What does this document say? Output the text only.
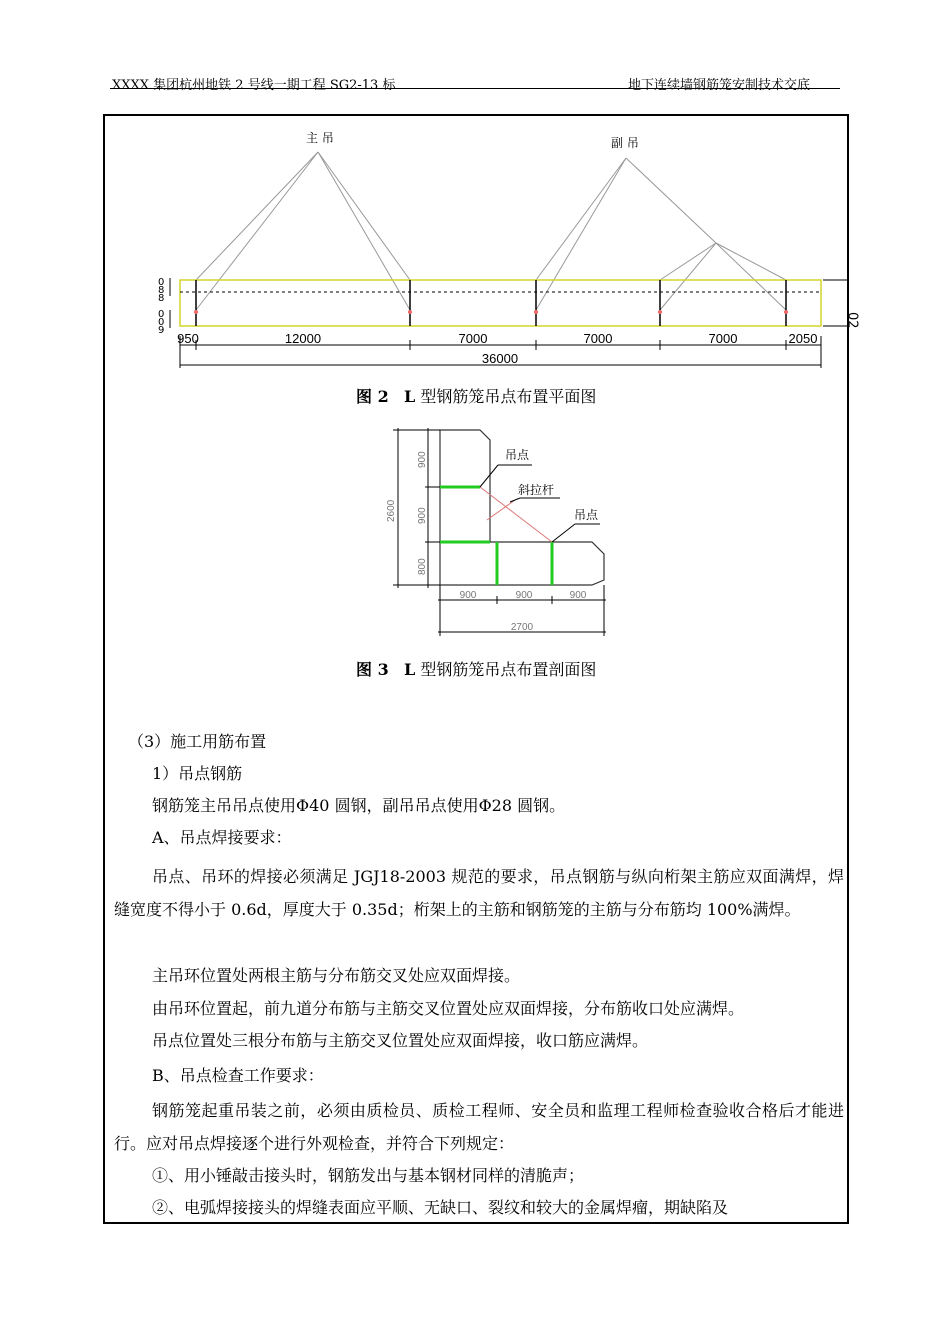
XXXX 集团杭州地铁 2 号线一期工程 SG2-13 标	地下连续墙钢筋笼安制技术交底
主 吊	副 吊
02
0
8
8
0
0
9
950	12000	7000	7000	7000	2050
36000
图 2 L 型钢筋笼吊点布置平面图
吊点
斜拉杆
吊点
900
900
800
2600
900	900	900
2700
图 3 L 型钢筋笼吊点布置剖面图
（3）施工用筋布置
1）吊点钢筋
钢筋笼主吊吊点使用Φ40 圆钢，副吊吊点使用Φ28 圆钢。
A、吊点焊接要求：
吊点、吊环的焊接必须满足 JGJ18-2003 规范的要求，吊点钢筋与纵向桁架主筋应双面满焊，焊缝宽度不得小于 0.6d，厚度大于 0.35d；桁架上的主筋和钢筋笼的主筋与分布筋均 100%满焊。
主吊环位置处两根主筋与分布筋交叉处应双面焊接。
由吊环位置起，前九道分布筋与主筋交叉位置处应双面焊接，分布筋收口处应满焊。
吊点位置处三根分布筋与主筋交叉位置处应双面焊接，收口筋应满焊。
B、吊点检查工作要求：
钢筋笼起重吊装之前，必须由质检员、质检工程师、安全员和监理工程师检查验收合格后才能进行。应对吊点焊接逐个进行外观检查，并符合下列规定：
①、用小锤敲击接头时，钢筋发出与基本钢材同样的清脆声；
②、电弧焊接接头的焊缝表面应平顺、无缺口、裂纹和较大的金属焊瘤，期缺陷及
